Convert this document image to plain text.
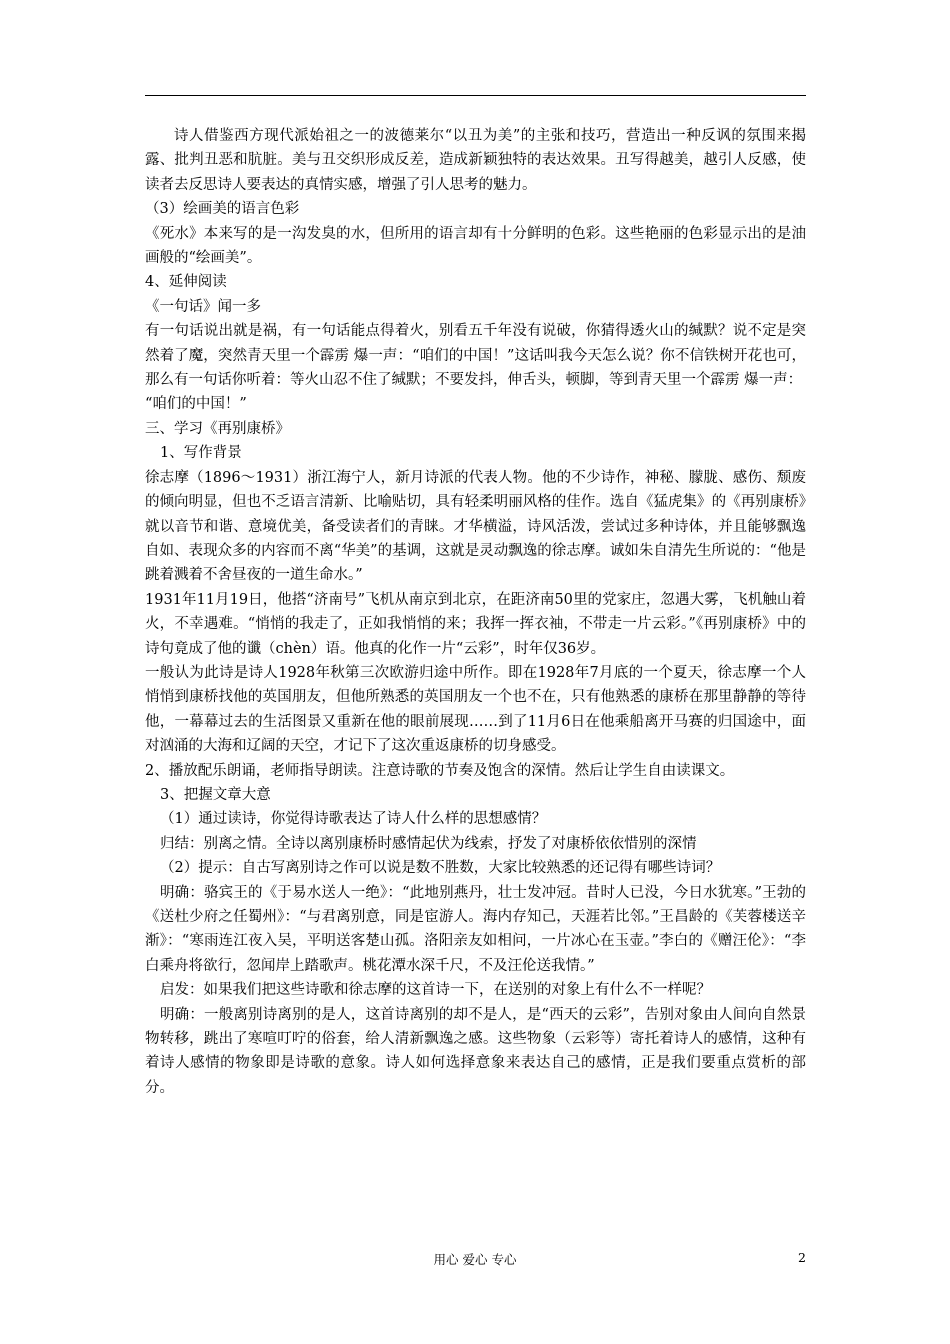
诗人借鉴西方现代派始祖之一的波德莱尔“以丑为美”的主张和技巧，营造出一种反讽的氛围来揭露、批判丑恶和肮脏。美与丑交织形成反差，造成新颖独特的表达效果。丑写得越美，越引人反感，使读者去反思诗人要表达的真情实感，增强了引人思考的魅力。

（3）绘画美的语言色彩

《死水》本来写的是一沟发臭的水，但所用的语言却有十分鲜明的色彩。这些艳丽的色彩显示出的是油画般的“绘画美”。

4、延伸阅读

《一句话》闻一多

有一句话说出就是祸，有一句话能点得着火，别看五千年没有说破，你猜得透火山的缄默？说不定是突然着了魔，突然青天里一个霹雳 爆一声：“咱们的中国！”这话叫我今天怎么说？你不信铁树开花也可，那么有一句话你听着：等火山忍不住了缄默；不要发抖，伸舌头，顿脚，等到青天里一个霹雳 爆一声：

“咱们的中国！”

三、学习《再别康桥》

1、写作背景

徐志摩（1896～1931）浙江海宁人，新月诗派的代表人物。他的不少诗作，神秘、朦胧、感伤、颓废的倾向明显，但也不乏语言清新、比喻贴切，具有轻柔明丽风格的佳作。选自《猛虎集》的《再别康桥》就以音节和谐、意境优美，备受读者们的青睐。才华横溢，诗风活泼，尝试过多种诗体，并且能够飘逸自如、表现众多的内容而不离“华美”的基调，这就是灵动飘逸的徐志摩。诚如朱自清先生所说的：“他是跳着溅着不舍昼夜的一道生命水。”

1931年11月19日，他搭“济南号”飞机从南京到北京，在距济南50里的党家庄，忽遇大雾，飞机触山着火，不幸遇难。“悄悄的我走了，正如我悄悄的来；我挥一挥衣袖，不带走一片云彩。”《再别康桥》中的诗句竟成了他的谶（chèn）语。他真的化作一片“云彩”，时年仅36岁。

一般认为此诗是诗人1928年秋第三次欧游归途中所作。即在1928年7月底的一个夏天，徐志摩一个人悄悄到康桥找他的英国朋友，但他所熟悉的英国朋友一个也不在，只有他熟悉的康桥在那里静静的等待他，一幕幕过去的生活图景又重新在他的眼前展现……到了11月6日在他乘船离开马赛的归国途中，面对汹涌的大海和辽阔的天空，才记下了这次重返康桥的切身感受。

2、播放配乐朗诵，老师指导朗读。注意诗歌的节奏及饱含的深情。然后让学生自由读课文。

3、把握文章大意

（1）通过读诗，你觉得诗歌表达了诗人什么样的思想感情？

归结：别离之情。全诗以离别康桥时感情起伏为线索，抒发了对康桥依依惜别的深情

（2）提示：自古写离别诗之作可以说是数不胜数，大家比较熟悉的还记得有哪些诗词？

明确：骆宾王的《于易水送人一绝》：“此地别燕丹，壮士发冲冠。昔时人已没，今日水犹寒。”王勃的《送杜少府之任蜀州》：“与君离别意，同是宦游人。海内存知己，天涯若比邻。”王昌龄的《芙蓉楼送辛渐》：“寒雨连江夜入吴，平明送客楚山孤。洛阳亲友如相问，一片冰心在玉壶。”李白的《赠汪伦》：“李白乘舟将欲行，忽闻岸上踏歌声。桃花潭水深千尺，不及汪伦送我情。”

启发：如果我们把这些诗歌和徐志摩的这首诗一下，在送别的对象上有什么不一样呢？

明确：一般离别诗离别的是人，这首诗离别的却不是人，是“西天的云彩”，告别对象由人间向自然景物转移，跳出了寒喧叮咛的俗套，给人清新飘逸之感。这些物象（云彩等）寄托着诗人的感情，这种有着诗人感情的物象即是诗歌的意象。诗人如何选择意象来表达自己的感情，正是我们要重点赏析的部分。

用心 爱心 专心	2
